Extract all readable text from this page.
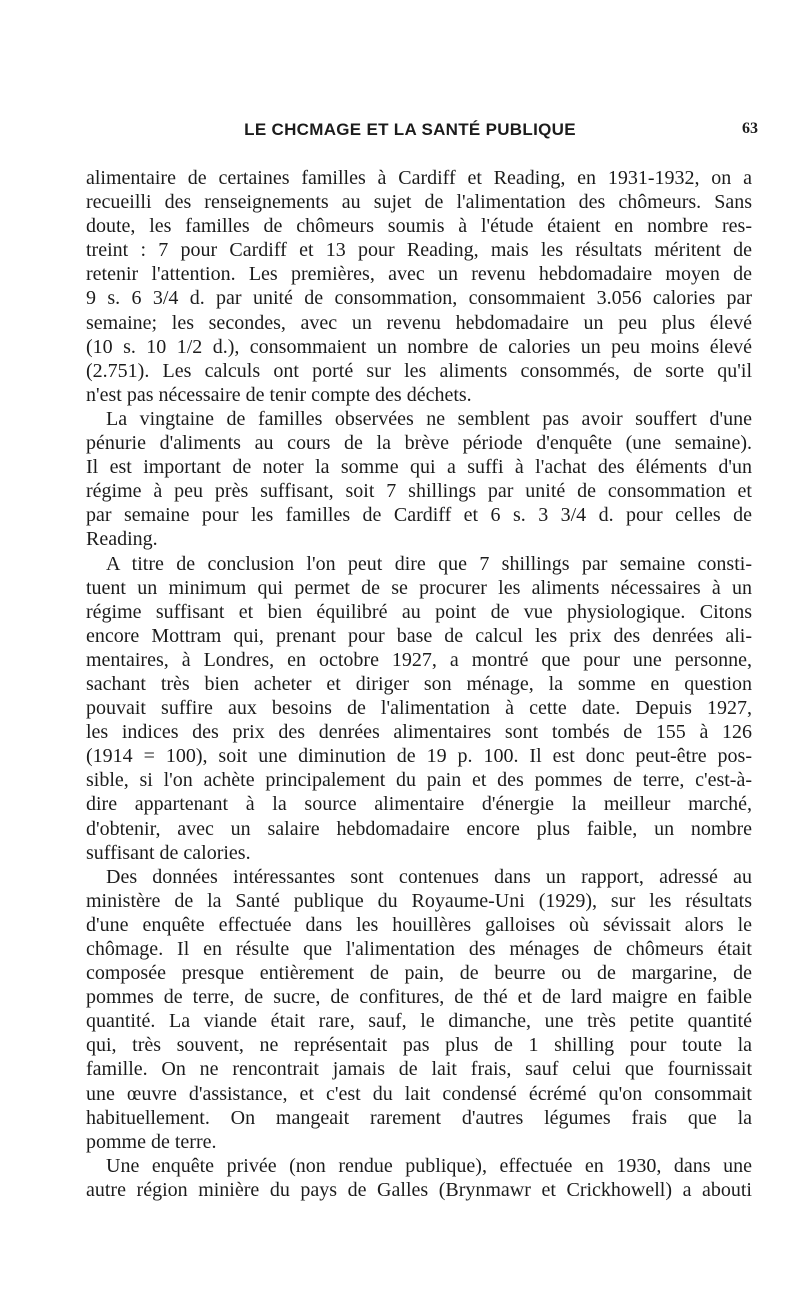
LE CHCMAGE ET LA SANTÉ PUBLIQUE	63
alimentaire de certaines familles à Cardiff et Reading, en 1931-1932, on a
recueilli des renseignements au sujet de l'alimentation des chômeurs. Sans
doute, les familles de chômeurs soumis à l'étude étaient en nombre res-
treint : 7 pour Cardiff et 13 pour Reading, mais les résultats méritent de
retenir l'attention. Les premières, avec un revenu hebdomadaire moyen de
9 s. 6 3/4 d. par unité de consommation, consommaient 3.056 calories par
semaine; les secondes, avec un revenu hebdomadaire un peu plus élevé
(10 s. 10 1/2 d.), consommaient un nombre de calories un peu moins élevé
(2.751). Les calculs ont porté sur les aliments consommés, de sorte qu'il
n'est pas nécessaire de tenir compte des déchets.
La vingtaine de familles observées ne semblent pas avoir souffert d'une
pénurie d'aliments au cours de la brève période d'enquête (une semaine).
Il est important de noter la somme qui a suffi à l'achat des éléments d'un
régime à peu près suffisant, soit 7 shillings par unité de consommation et
par semaine pour les familles de Cardiff et 6 s. 3 3/4 d. pour celles de
Reading.
A titre de conclusion l'on peut dire que 7 shillings par semaine consti-
tuent un minimum qui permet de se procurer les aliments nécessaires à un
régime suffisant et bien équilibré au point de vue physiologique. Citons
encore Mottram qui, prenant pour base de calcul les prix des denrées ali-
mentaires, à Londres, en octobre 1927, a montré que pour une personne,
sachant très bien acheter et diriger son ménage, la somme en question
pouvait suffire aux besoins de l'alimentation à cette date. Depuis 1927,
les indices des prix des denrées alimentaires sont tombés de 155 à 126
(1914 = 100), soit une diminution de 19 p. 100. Il est donc peut-être pos-
sible, si l'on achète principalement du pain et des pommes de terre, c'est-à-
dire appartenant à la source alimentaire d'énergie la meilleur marché,
d'obtenir, avec un salaire hebdomadaire encore plus faible, un nombre
suffisant de calories.
Des données intéressantes sont contenues dans un rapport, adressé au
ministère de la Santé publique du Royaume-Uni (1929), sur les résultats
d'une enquête effectuée dans les houillères galloises où sévissait alors le
chômage. Il en résulte que l'alimentation des ménages de chômeurs était
composée presque entièrement de pain, de beurre ou de margarine, de
pommes de terre, de sucre, de confitures, de thé et de lard maigre en faible
quantité. La viande était rare, sauf, le dimanche, une très petite quantité
qui, très souvent, ne représentait pas plus de 1 shilling pour toute la
famille. On ne rencontrait jamais de lait frais, sauf celui que fournissait
une œuvre d'assistance, et c'est du lait condensé écrémé qu'on consommait
habituellement. On mangeait rarement d'autres légumes frais que la
pomme de terre.
Une enquête privée (non rendue publique), effectuée en 1930, dans une
autre région minière du pays de Galles (Brynmawr et Crickhowell) a abouti
